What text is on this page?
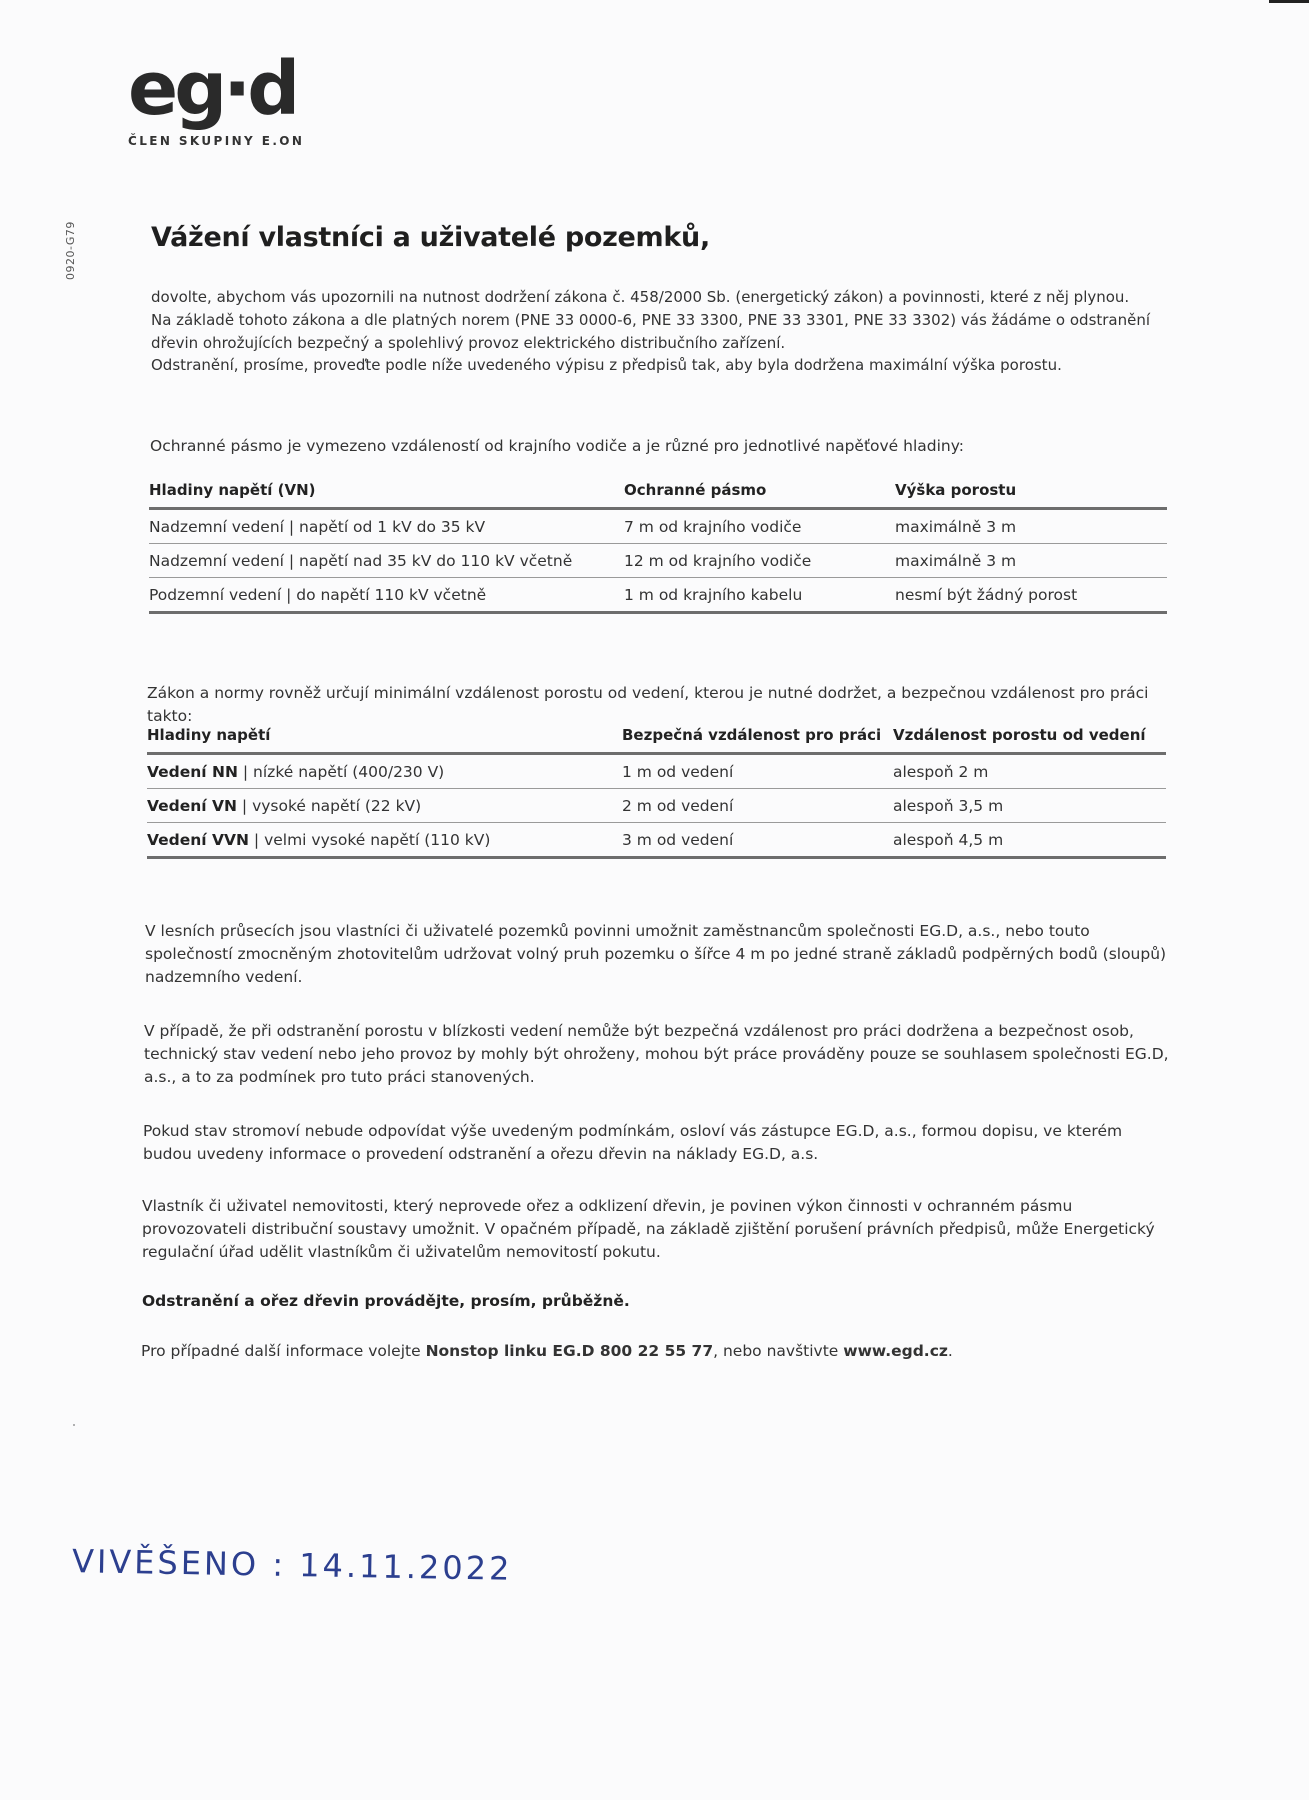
eg·d
ČLEN SKUPINY E.ON
0920-G79	Vážení vlastníci a uživatelé pozemků,

dovolte, abychom vás upozornili na nutnost dodržení zákona č. 458/2000 Sb. (energetický zákon) a povinnosti, které z něj plynou.

Na základě tohoto zákona a dle platných norem (PNE 33 0000-6, PNE 33 3300, PNE 33 3301, PNE 33 3302) vás žádáme o odstranění dřevin ohrožujících bezpečný a spolehlivý provoz elektrického distribučního zařízení.

Odstranění, prosíme, proveďte podle níže uvedeného výpisu z předpisů tak, aby byla dodržena maximální výška porostu.

Ochranné pásmo je vymezeno vzdáleností od krajního vodiče a je různé pro jednotlivé napěťové hladiny:

Hladiny napětí (VN)	Ochranné pásmo	Výška porostu
Nadzemní vedení | napětí od 1 kV do 35 kV	7 m od krajního vodiče	maximálně 3 m
Nadzemní vedení | napětí nad 35 kV do 110 kV včetně	12 m od krajního vodiče	maximálně 3 m
Podzemní vedení | do napětí 110 kV včetně	1 m od krajního kabelu	nesmí být žádný porost

Zákon a normy rovněž určují minimální vzdálenost porostu od vedení, kterou je nutné dodržet, a bezpečnou vzdálenost pro práci takto:

Hladiny napětí	Bezpečná vzdálenost pro práci	Vzdálenost porostu od vedení
Vedení NN | nízké napětí (400/230 V)	1 m od vedení	alespoň 2 m
Vedení VN | vysoké napětí (22 kV)	2 m od vedení	alespoň 3,5 m
Vedení VVN | velmi vysoké napětí (110 kV)	3 m od vedení	alespoň 4,5 m

V lesních průsecích jsou vlastníci či uživatelé pozemků povinni umožnit zaměstnancům společnosti EG.D, a.s., nebo touto společností zmocněným zhotovitelům udržovat volný pruh pozemku o šířce 4 m po jedné straně základů podpěrných bodů (sloupů) nadzemního vedení.

V případě, že při odstranění porostu v blízkosti vedení nemůže být bezpečná vzdálenost pro práci dodržena a bezpečnost osob, technický stav vedení nebo jeho provoz by mohly být ohroženy, mohou být práce prováděny pouze se souhlasem společnosti EG.D, a.s., a to za podmínek pro tuto práci stanovených.

Pokud stav stromoví nebude odpovídat výše uvedeným podmínkám, osloví vás zástupce EG.D, a.s., formou dopisu, ve kterém budou uvedeny informace o provedení odstranění a ořezu dřevin na náklady EG.D, a.s.

Vlastník či uživatel nemovitosti, který neprovede ořez a odklizení dřevin, je povinen výkon činnosti v ochranném pásmu provozovateli distribuční soustavy umožnit. V opačném případě, na základě zjištění porušení právních předpisů, může Energetický regulační úřad udělit vlastníkům či uživatelům nemovitostí pokutu.

Odstranění a ořez dřevin provádějte, prosím, průběžně.

Pro případné další informace volejte Nonstop linku EG.D 800 22 55 77, nebo navštivte www.egd.cz.

VIVĚŠENO : 14.11.2022
